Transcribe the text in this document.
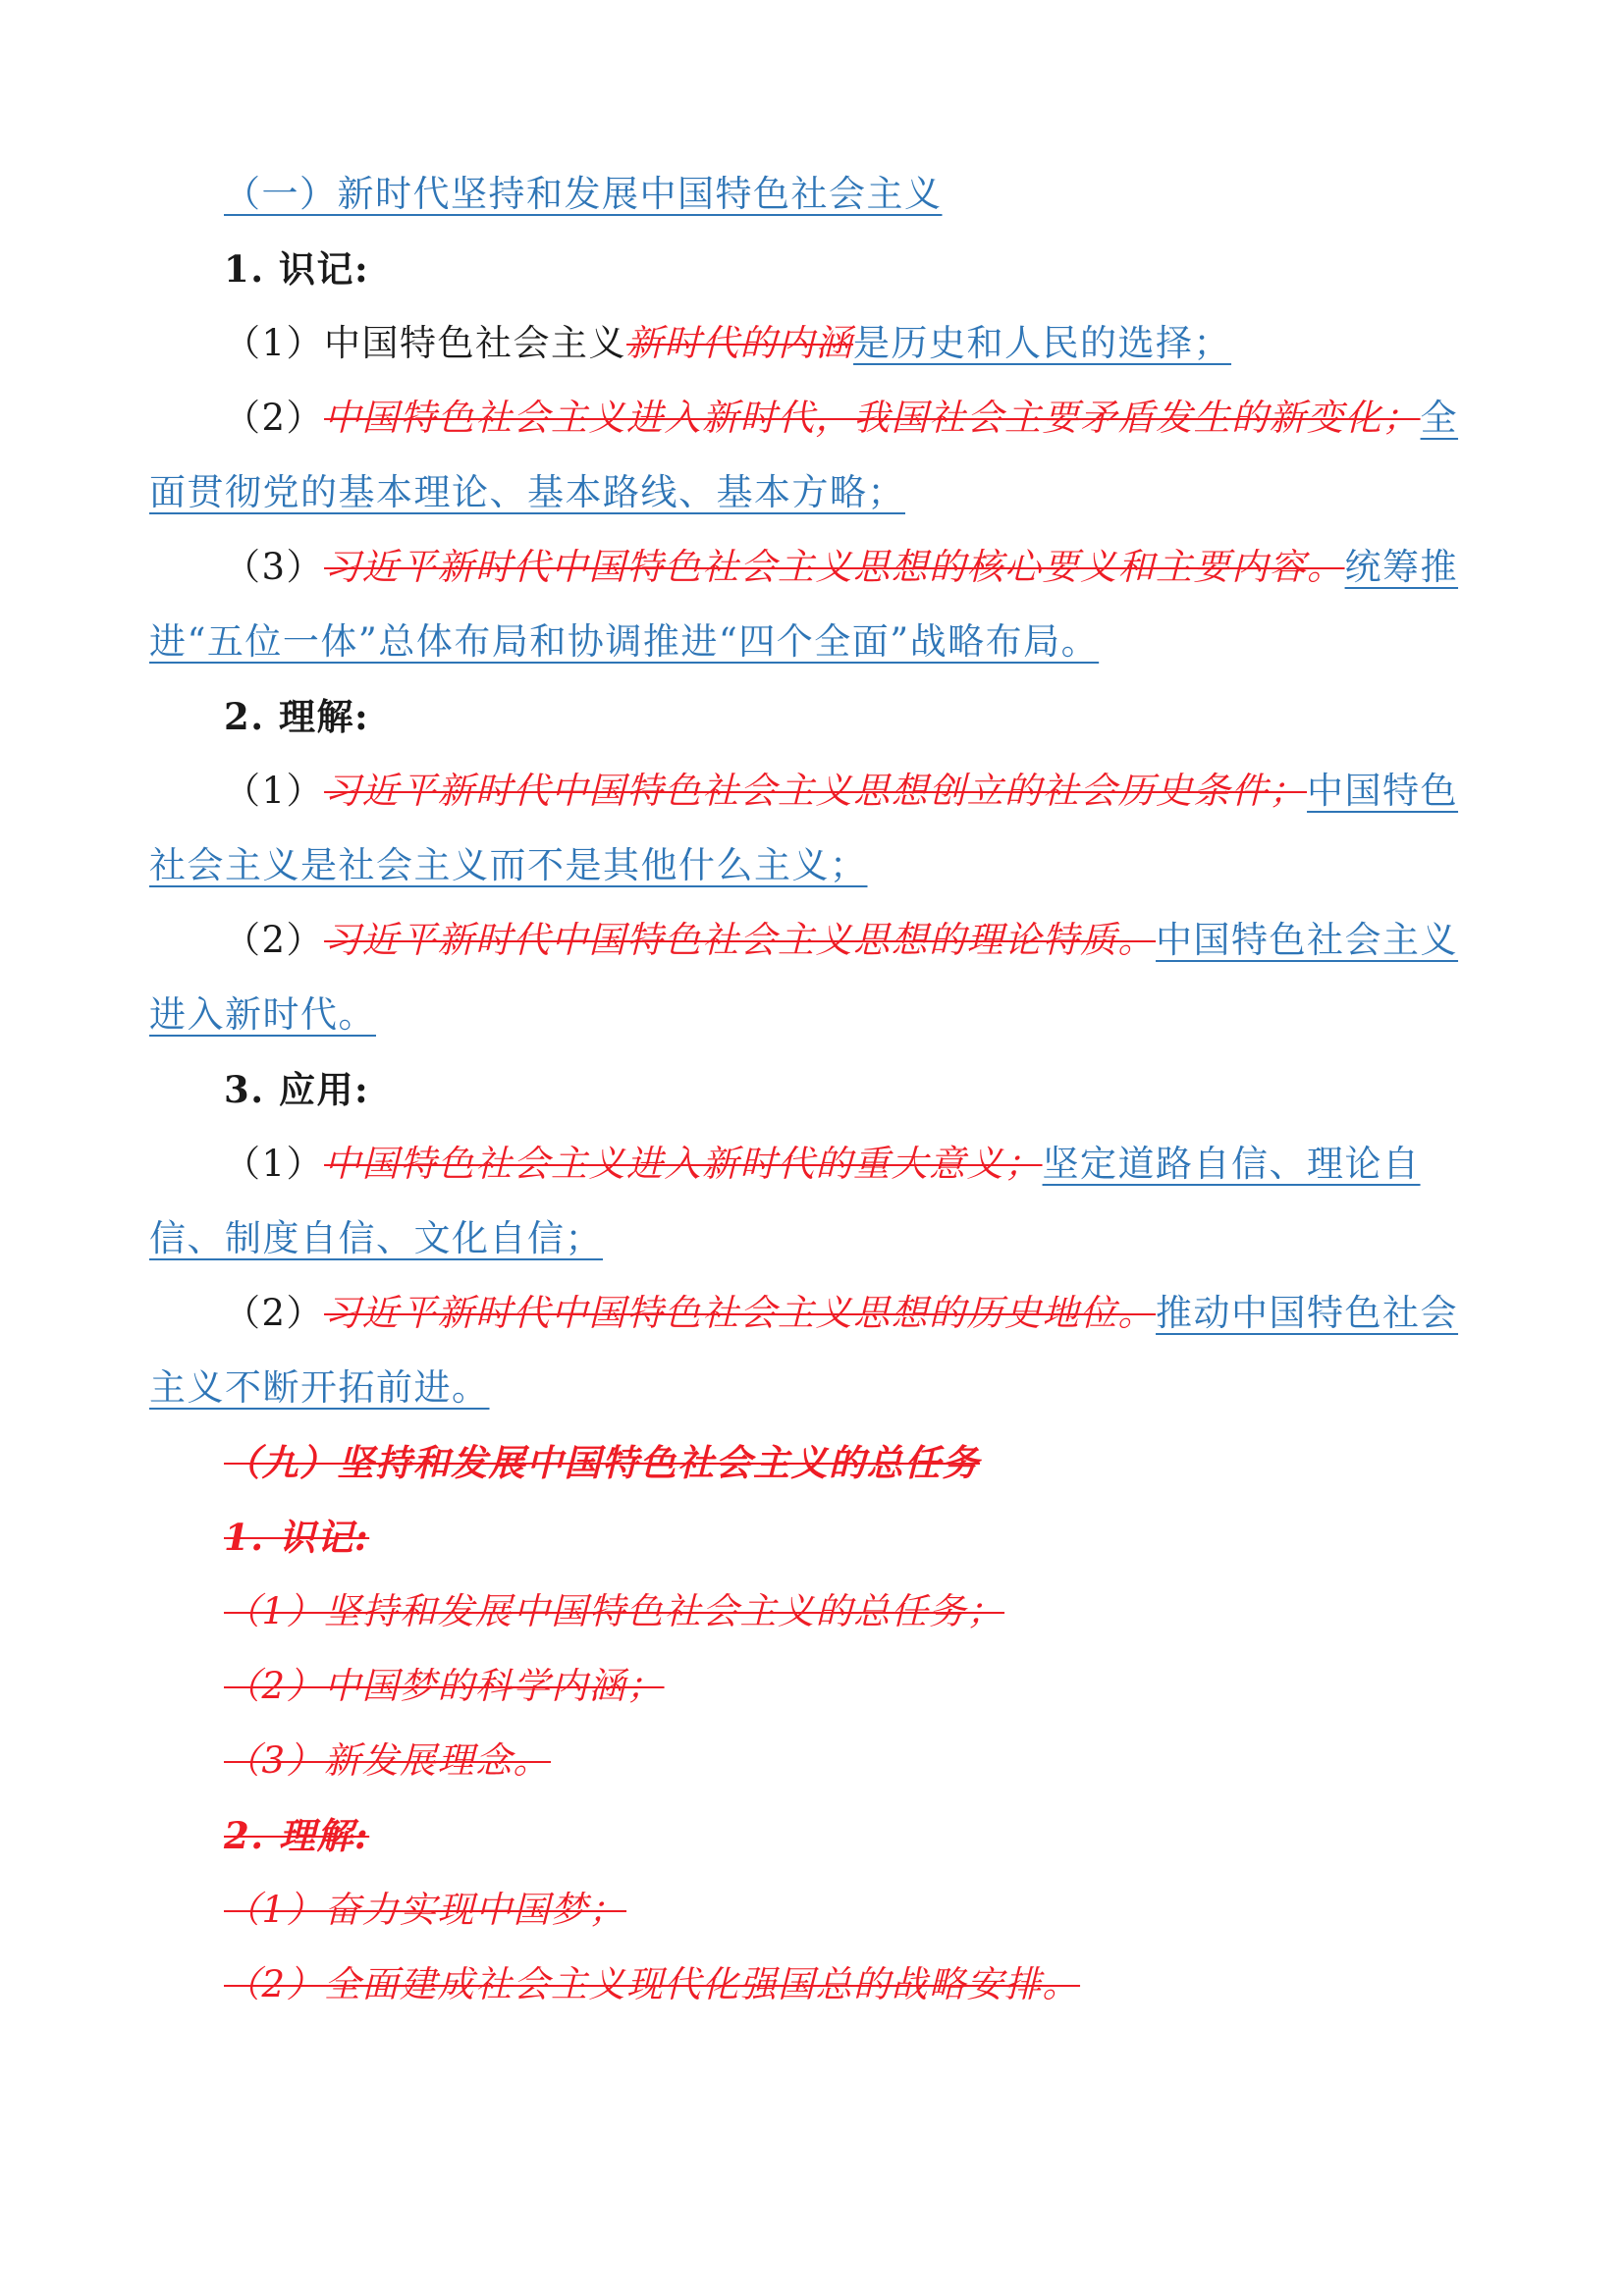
（一）新时代坚持和发展中国特色社会主义
1. 识记:
（1）中国特色社会主义新时代的内涵是历史和人民的选择；
（2）中国特色社会主义进入新时代，我国社会主要矛盾发生的新变化；全
面贯彻党的基本理论、基本路线、基本方略；
（3）习近平新时代中国特色社会主义思想的核心要义和主要内容。统筹推
进“五位一体”总体布局和协调推进“四个全面”战略布局。
2. 理解:
（1）习近平新时代中国特色社会主义思想创立的社会历史条件；中国特色
社会主义是社会主义而不是其他什么主义；
（2）习近平新时代中国特色社会主义思想的理论特质。中国特色社会主义
进入新时代。
3. 应用:
（1）中国特色社会主义进入新时代的重大意义；坚定道路自信、理论自
信、制度自信、文化自信；
（2）习近平新时代中国特色社会主义思想的历史地位。推动中国特色社会
主义不断开拓前进。
（九）坚持和发展中国特色社会主义的总任务
1. 识记:
（1）坚持和发展中国特色社会主义的总任务；
（2）中国梦的科学内涵；
（3）新发展理念。
2. 理解:
（1）奋力实现中国梦；
（2）全面建成社会主义现代化强国总的战略安排。
